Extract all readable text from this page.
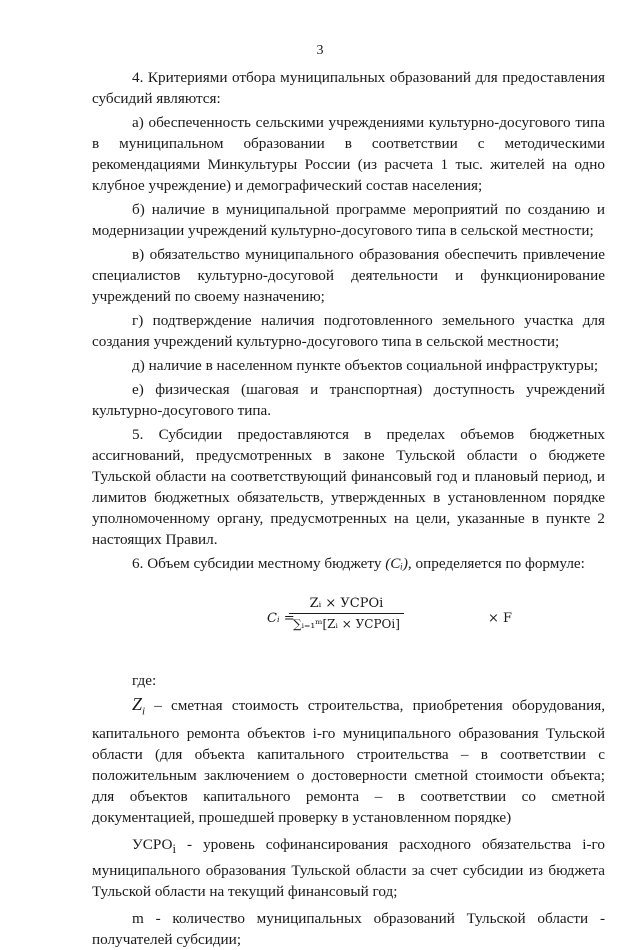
3

4. Критериями отбора муниципальных образований для предоставления субсидий являются:

а) обеспеченность сельскими учреждениями культурно-досугового типа в муниципальном образовании в соответствии с методическими рекомендациями Минкультуры России (из расчета 1 тыс. жителей на одно клубное учреждение) и демографический состав населения;

б) наличие в муниципальной программе мероприятий по созданию и модернизации учреждений культурно-досугового типа в сельской местности;

в) обязательство муниципального образования обеспечить привлечение специалистов культурно-досуговой деятельности и функционирование учреждений по своему назначению;

г) подтверждение наличия подготовленного земельного участка для создания учреждений культурно-досугового типа в сельской местности;

д) наличие в населенном пункте объектов социальной инфраструктуры;

е) физическая (шаговая и транспортная) доступность учреждений культурно-досугового типа.

5. Субсидии предоставляются в пределах объемов бюджетных ассигнований, предусмотренных в законе Тульской области о бюджете Тульской области на соответствующий финансовый год и плановый период, и лимитов бюджетных обязательств, утвержденных в установленном порядке уполномоченному органу, предусмотренных на цели, указанные в пункте 2 настоящих Правил.

6. Объем субсидии местному бюджету (Cᵢ), определяется по формуле:

Cᵢ =
Zᵢ × УСРОi
∑ᵢ₌₁ᵐ[Zᵢ × УСРОi]	× F

где:

$Z_i$ – сметная стоимость строительства, приобретения оборудования, капитального ремонта объектов i-го муниципального образования Тульской области (для объекта капитального строительства – в соответствии с положительным заключением о достоверности сметной стоимости объекта; для объектов капитального ремонта – в соответствии со сметной документацией, прошедшей проверку в установленном порядке)

$УСРО_i$ - уровень софинансирования расходного обязательства i-го муниципального образования Тульской области за счет субсидии из бюджета Тульской области на текущий финансовый год;

m - количество муниципальных образований Тульской области - получателей субсидии;
